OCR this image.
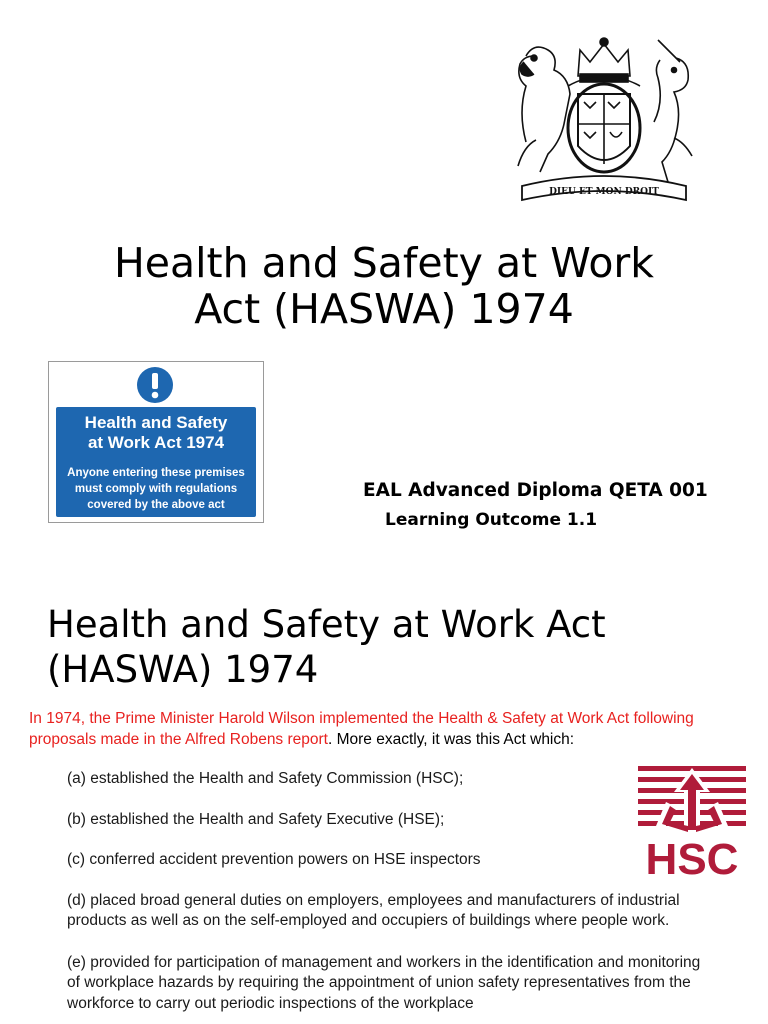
DIEU ET MON DROIT
Health and Safety at Work
Act (HASWA) 1974
Health and Safety
at Work Act 1974
Anyone entering these premises
must comply with regulations
covered by the above act
EAL Advanced Diploma QETA 001
Learning Outcome 1.1
Health and Safety at Work Act
(HASWA) 1974

In 1974, the Prime Minister Harold Wilson implemented the Health & Safety at Work Act following proposals made in the Alfred Robens report. More exactly, it was this Act which:

(a) established the Health and Safety Commission (HSC);
(b) established the Health and Safety Executive (HSE);
(c) conferred accident prevention powers on HSE inspectors
(d) placed broad general duties on employers, employees and manufacturers of industrial products as well as on the self-employed and occupiers of buildings where people work.
(e) provided for participation of management and workers in the identification and monitoring of workplace hazards by requiring the appointment of union safety representatives from the workforce to carry out periodic inspections of the workplace
HSC
